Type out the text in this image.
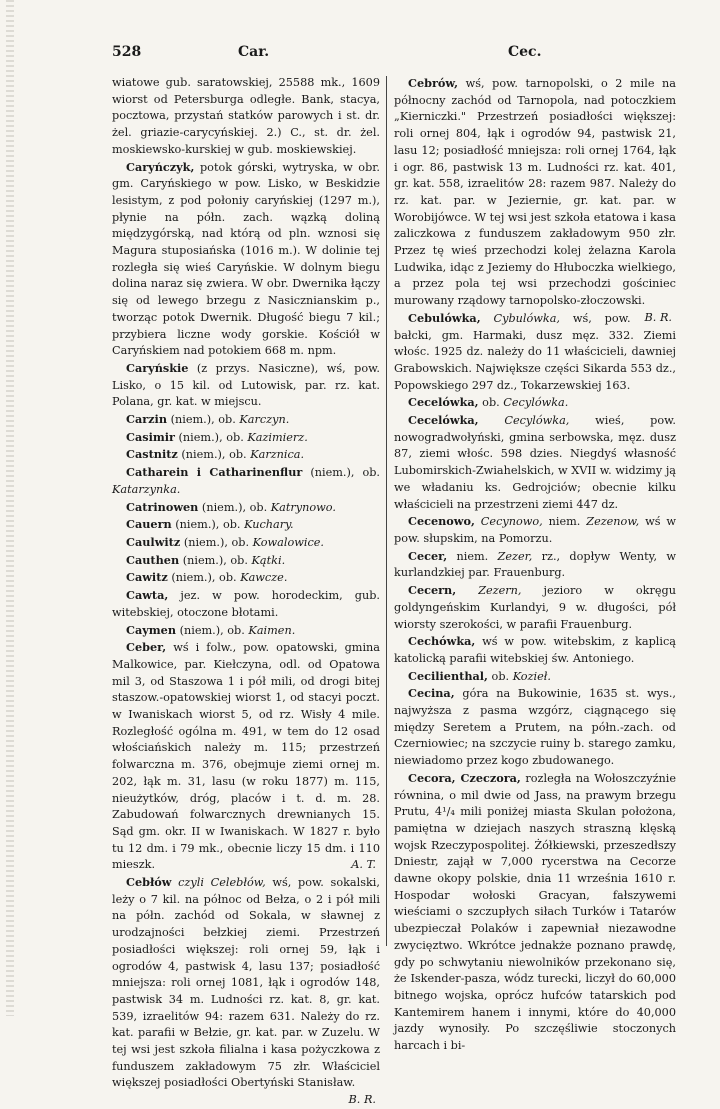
528	Car.	Cec.

wiatowe gub. saratowskiej, 25588 mk., 1609 wiorst od Petersburga odległe. Bank, stacya, pocztowa, przystań statków parowych i st. dr. żel. griazie-carycyńskiej. 2.) C., st. dr. żel. moskiewsko-kurskiej w gub. moskiewskiej.

Caryńczyk, potok górski, wytryska, w obr. gm. Caryńskiego w pow. Lisko, w Beskidzie lesistym, z pod połoniy caryńskiej (1297 m.), płynie na półn. zach. wązką doliną międzygórską, nad którą od pln. wznosi się Magura stuposiańska (1016 m.). W dolinie tej rozległa się wieś Caryńskie. W dolnym biegu dolina naraz się zwiera. W obr. Dwernika łączy się od lewego brzegu z Nasicznianskim p., tworząc potok Dwernik. Długość biegu 7 kil.; przybiera liczne wody gorskie. Kościół w Caryńskiem nad potokiem 668 m. npm.

Caryńskie (z przys. Nasiczne), wś, pow. Lisko, o 15 kil. od Lutowisk, par. rz. kat. Polana, gr. kat. w miejscu.

Carzin (niem.), ob. Karczyn.

Casimir (niem.), ob. Kazimierz.

Castnitz (niem.), ob. Karznica.

Catharein i Catharinenflur (niem.), ob. Katarzynka.

Catrinowen (niem.), ob. Katrynowo.

Cauern (niem.), ob. Kuchary.

Caulwitz (niem.), ob. Kowalowice.

Cauthen (niem.), ob. Kątki.

Cawitz (niem.), ob. Kawcze.

Cawta, jez. w pow. horodeckim, gub. witebskiej, otoczone błotami.

Caymen (niem.), ob. Kaimen.

Ceber, wś i folw., pow. opatowski, gmina Malkowice, par. Kiełczyna, odl. od Opatowa mil 3, od Staszowa 1 i pół mili, od drogi bitej staszow.-opatowskiej wiorst 1, od stacyi poczt. w Iwaniskach wiorst 5, od rz. Wisły 4 mile. Rozległość ogólna m. 491, w tem do 12 osad włościańskich należy m. 115; przestrzeń folwarczna m. 376, obejmuje ziemi ornej m. 202, łąk m. 31, lasu (w roku 1877) m. 115, nieużytków, dróg, placów i t. d. m. 28. Zabudowań folwarcznych drewnianych 15. Sąd gm. okr. II w Iwaniskach. W 1827 r. było tu 12 dm. i 79 mk., obecnie liczy 15 dm. i 110 mieszk.	A. T.

Cebłów czyli Celebłów, wś, pow. sokalski, leży o 7 kil. na północ od Bełza, o 2 i pół mili na półn. zachód od Sokala, w sławnej z urodzajności bełzkiej ziemi. Przestrzeń posiadłości większej: roli ornej 59, łąk i ogrodów 4, pastwisk 4, lasu 137; posiadłość mniejsza: roli ornej 1081, łąk i ogrodów 148, pastwisk 34 m. Ludności rz. kat. 8, gr. kat. 539, izraelitów 94: razem 631. Należy do rz. kat. parafii w Bełzie, gr. kat. par. w Zuzelu. W tej wsi jest szkoła filialna i kasa pożyczkowa z funduszem zakładowym 75 złr. Właściciel większej posiadłości Obertyński Stanisław.
B. R.

Cebrów, wś, pow. tarnopolski, o 2 mile na północny zachód od Tarnopola, nad potoczkiem „Kierniczki." Przestrzeń posiadłości większej: roli ornej 804, łąk i ogrodów 94, pastwisk 21, lasu 12; posiadłość mniejsza: roli ornej 1764, łąk i ogr. 86, pastwisk 13 m. Ludności rz. kat. 401, gr. kat. 558, izraelitów 28: razem 987. Należy do rz. kat. par. w Jeziernie, gr. kat. par. w Worobijówce. W tej wsi jest szkoła etatowa i kasa zaliczkowa z funduszem zakładowym 950 złr. Przez tę wieś przechodzi kolej żelazna Karola Ludwika, idąc z Jeziemy do Hłuboczka wielkiego, a przez pola tej wsi przechodzi gościniec murowany rządowy tarnopolsko-złoczowski.
B. R.

Cebulówka, Cybulówka, wś, pow. bałcki, gm. Harmaki, dusz męz. 332. Ziemi włośc. 1925 dz. należy do 11 właścicieli, dawniej Grabowskich. Największe części Sikarda 553 dz., Popowskiego 297 dz., Tokarzewskiej 163.

Cecelówka, ob. Cecylówka.

Cecelówka, Cecylówka, wieś, pow. nowogradwołyński, gmina serbowska, męz. dusz 87, ziemi włośc. 598 dzies. Niegdyś własność Lubomirskich-Zwiahelskich, w XVII w. widzimy ją we władaniu ks. Gedrojciów; obecnie kilku właścicieli na przestrzeni ziemi 447 dz.

Cecenowo, Cecynowo, niem. Zezenow, wś w pow. słupskim, na Pomorzu.

Cecer, niem. Zezer, rz., dopływ Wenty, w kurlandzkiej par. Frauenburg.

Cecern, Zezern, jezioro w okręgu goldyngeńskim Kurlandyi, 9 w. długości, pół wiorsty szerokości, w parafii Frauenburg.

Cechówka, wś w pow. witebskim, z kaplicą katolicką parafii witebskiej św. Antoniego.

Cecilienthal, ob. Kozieł.

Cecina, góra na Bukowinie, 1635 st. wys., najwyższa z pasma wzgórz, ciągnącego się między Seretem a Prutem, na półn.-zach. od Czerniowiec; na szczycie ruiny b. starego zamku, niewiadomo przez kogo zbudowanego.

Cecora, Czeczora, rozległa na Wołoszczyźnie równina, o mil dwie od Jass, na prawym brzegu Prutu, 4¹/₄ mili poniżej miasta Skulan położona, pamiętna w dziejach naszych straszną klęską wojsk Rzeczypospolitej. Żółkiewski, przeszedłszy Dniestr, zajął w 7,000 rycerstwa na Cecorze dawne okopy polskie, dnia 11 września 1610 r. Hospodar wołoski Gracyan, fałszywemi wieściami o szczupłych siłach Turków i Tatarów ubezpieczał Polaków i zapewniał niezawodne zwycięztwo. Wkrótce jednakże poznano prawdę, gdy po schwytaniu niewolników przekonano się, że Iskender-pasza, wódz turecki, liczył do 60,000 bitnego wojska, oprócz hufców tatarskich pod Kantemirem hanem i innymi, które do 40,000 jazdy wynosiły. Po szczęśliwie stoczonych harcach i bi-
